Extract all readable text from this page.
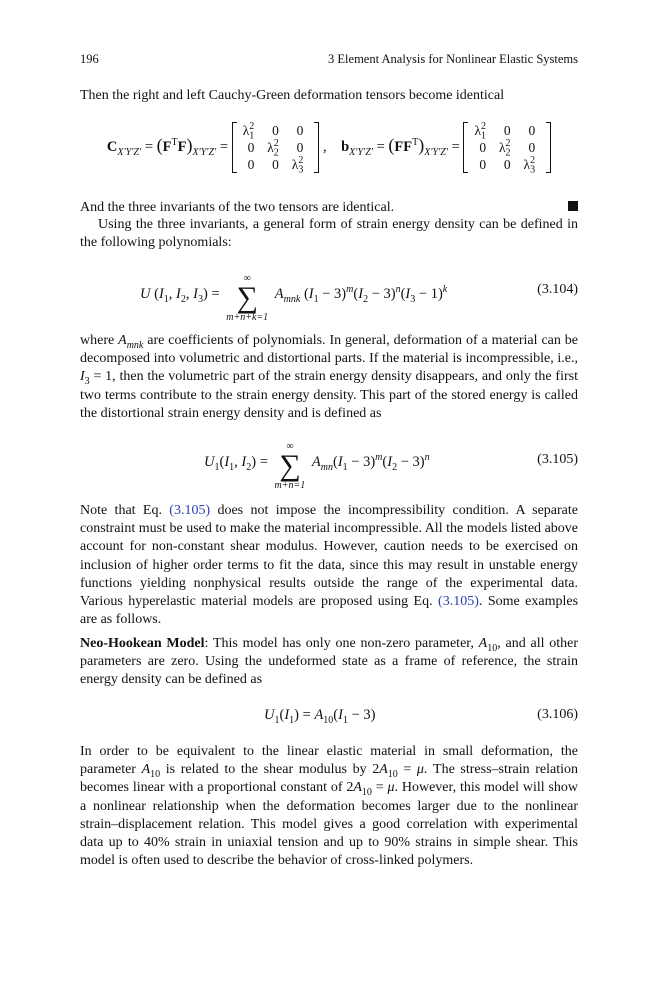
196	3 Element Analysis for Nonlinear Elastic Systems

Then the right and left Cauchy-Green deformation tensors become identical

$C_{X'Y'Z'} = (F^TF)_{X'Y'Z'}$ =
$\lambda_1^2$	0	0
0	$\lambda_2^2$	0
0	0	$\lambda_3^2$
,    $b_{X'Y'Z'} = (FF^T)_{X'Y'Z'}$ =
$\lambda_1^2$	0	0
0	$\lambda_2^2$	0
0	0	$\lambda_3^2$
And the three invariants of the two tensors are identical.

Using the three invariants, a general form of strain energy density can be defined in the following polynomials:

U ($I_1$, $I_2$, $I_3$) =
∞
∑
m+n+k=1
$A_{mnk}$ $(I_1 - 3)^m(I_2 - 3)^n(I_3 - 1)^k$	(3.104)

where $A_{mnk}$ are coefficients of polynomials. In general, deformation of a material can be decomposed into volumetric and distortional parts. If the material is incompressible, i.e., $I_3 = 1$, then the volumetric part of the strain energy density disappears, and only the first two terms contribute to the strain energy density. This part of the stored energy is called the distortional strain energy density and is defined as

$U_1(I_1$, $I_2$) =
∞
∑
m+n=1
$A_{mn}(I_1 - 3)^m(I_2 - 3)^n$	(3.105)

Note that Eq. (3.105) does not impose the incompressibility condition. A separate constraint must be used to make the material incompressible. All the models listed above account for non-constant shear modulus. However, caution needs to be exercised on inclusion of higher order terms to fit the data, since this may result in unstable energy functions yielding nonphysical results outside the range of the experimental data. Various hyperelastic material models are proposed using Eq. (3.105). Some examples are as follows.

Neo-Hookean Model: This model has only one non-zero parameter, $A_{10}$, and all other parameters are zero. Using the undeformed state as a frame of reference, the strain energy density can be defined as

$U_1(I_1) = A_{10}(I_1 - 3)$	(3.106)

In order to be equivalent to the linear elastic material in small deformation, the parameter $A_{10}$ is related to the shear modulus by $2A_{10} = \mu$. The stress–strain relation becomes linear with a proportional constant of $2A_{10} = \mu$. However, this model will show a nonlinear relationship when the deformation becomes larger due to the nonlinear strain–displacement relation. This model gives a good correlation with experimental data up to 40% strain in uniaxial tension and up to 90% strains in simple shear. This model is often used to describe the behavior of cross-linked polymers.
